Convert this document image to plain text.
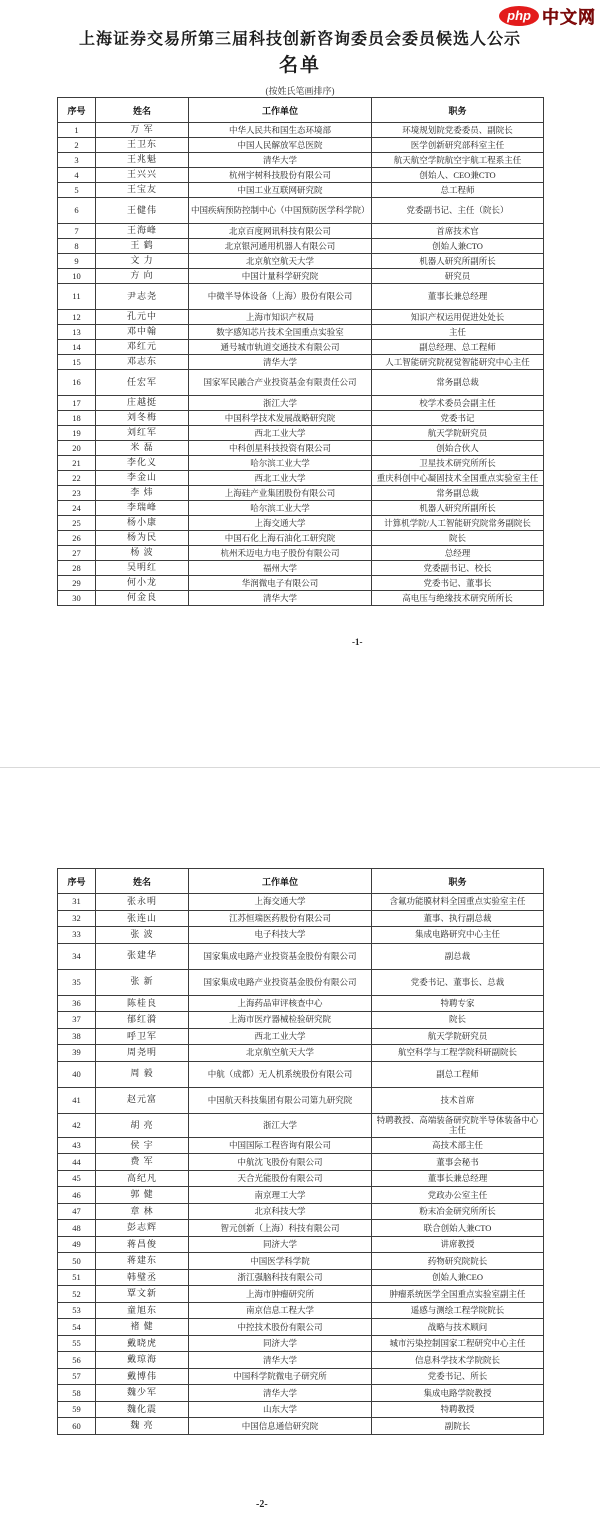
php 中文网
上海证券交易所第三届科技创新咨询委员会委员候选人公示
名单
(按姓氏笔画排序)
序号	姓名	工作单位	职务
1	万 军	中华人民共和国生态环境部	环境规划院党委委员、副院长
2	王卫东	中国人民解放军总医院	医学创新研究部科室主任
3	王兆魁	清华大学	航天航空学院航空宇航工程系主任
4	王兴兴	杭州宇树科技股份有限公司	创始人、CEO兼CTO
5	王宝友	中国工业互联网研究院	总工程师
6	王健伟	中国疾病预防控制中心（中国预防医学科学院）	党委副书记、主任（院长）
7	王海峰	北京百度网讯科技有限公司	首席技术官
8	王 鹤	北京银河通用机器人有限公司	创始人兼CTO
9	文 力	北京航空航天大学	机器人研究所副所长
10	方 向	中国计量科学研究院	研究员
11	尹志尧	中微半导体设备（上海）股份有限公司	董事长兼总经理
12	孔元中	上海市知识产权局	知识产权运用促进处处长
13	邓中翰	数字感知芯片技术全国重点实验室	主任
14	邓红元	通号城市轨道交通技术有限公司	副总经理、总工程师
15	邓志东	清华大学	人工智能研究院视觉智能研究中心主任
16	任宏军	国家军民融合产业投资基金有限责任公司	常务副总裁
17	庄越挺	浙江大学	校学术委员会副主任
18	刘冬梅	中国科学技术发展战略研究院	党委书记
19	刘红军	西北工业大学	航天学院研究员
20	米 磊	中科创星科技投资有限公司	创始合伙人
21	李化义	哈尔滨工业大学	卫星技术研究所所长
22	李金山	西北工业大学	重庆科创中心凝固技术全国重点实验室主任
23	李 炜	上海硅产业集团股份有限公司	常务副总裁
24	李瑞峰	哈尔滨工业大学	机器人研究所副所长
25	杨小康	上海交通大学	计算机学院/人工智能研究院常务副院长
26	杨为民	中国石化上海石油化工研究院	院长
27	杨 波	杭州禾迈电力电子股份有限公司	总经理
28	吴明红	福州大学	党委副书记、校长
29	何小龙	华润微电子有限公司	党委书记、董事长
30	何金良	清华大学	高电压与绝缘技术研究所所长
-1-
序号	姓名	工作单位	职务
31	张永明	上海交通大学	含氟功能膜材料全国重点实验室主任
32	张连山	江苏恒瑞医药股份有限公司	董事、执行副总裁
33	张 波	电子科技大学	集成电路研究中心主任
34	张建华	国家集成电路产业投资基金股份有限公司	副总裁
35	张 新	国家集成电路产业投资基金股份有限公司	党委书记、董事长、总裁
36	陈桂良	上海药品审评核查中心	特聘专家
37	郁红漪	上海市医疗器械检验研究院	院长
38	呼卫军	西北工业大学	航天学院研究员
39	周尧明	北京航空航天大学	航空科学与工程学院科研副院长
40	周 毅	中航（成都）无人机系统股份有限公司	副总工程师
41	赵元富	中国航天科技集团有限公司第九研究院	技术首席
42	胡 亮	浙江大学	特聘教授、高端装备研究院半导体装备中心主任
43	侯 宇	中国国际工程咨询有限公司	高技术部主任
44	费 军	中航沈飞股份有限公司	董事会秘书
45	高纪凡	天合光能股份有限公司	董事长兼总经理
46	郭 健	南京理工大学	党政办公室主任
47	章 林	北京科技大学	粉末冶金研究所所长
48	彭志辉	智元创新（上海）科技有限公司	联合创始人兼CTO
49	蒋昌俊	同济大学	讲席教授
50	蒋建东	中国医学科学院	药物研究院院长
51	韩璧丞	浙江强脑科技有限公司	创始人兼CEO
52	覃文新	上海市肿瘤研究所	肿瘤系统医学全国重点实验室副主任
53	童旭东	南京信息工程大学	遥感与测绘工程学院院长
54	褚 健	中控技术股份有限公司	战略与技术顾问
55	戴晓虎	同济大学	城市污染控制国家工程研究中心主任
56	戴琼海	清华大学	信息科学技术学院院长
57	戴博伟	中国科学院微电子研究所	党委书记、所长
58	魏少军	清华大学	集成电路学院教授
59	魏化震	山东大学	特聘教授
60	魏 亮	中国信息通信研究院	副院长
-2-
